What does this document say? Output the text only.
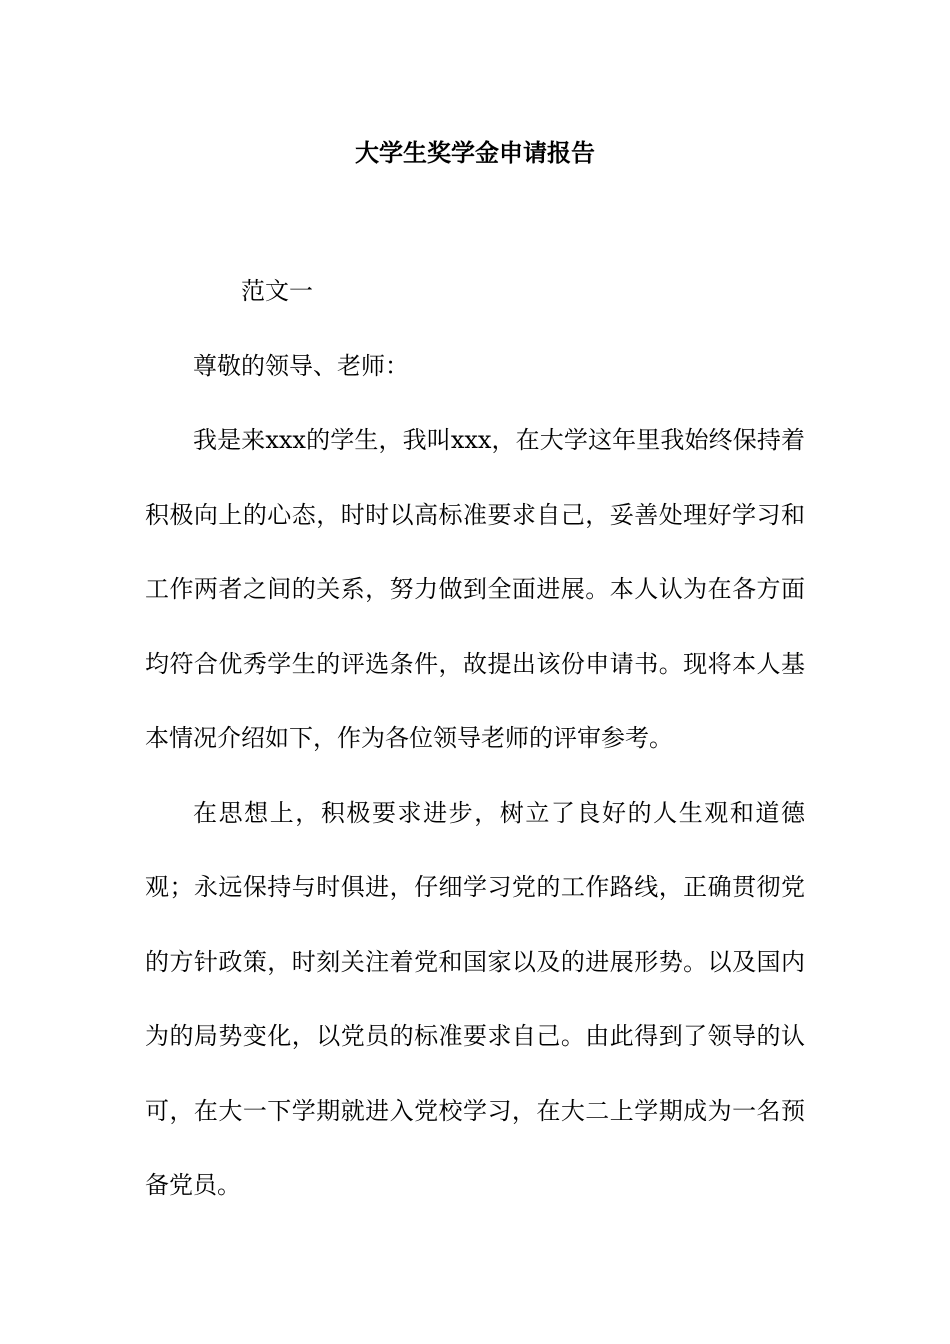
大学生奖学金申请报告

范文一

尊敬的领导、老师：

我是来xxx的学生，我叫xxx，在大学这年里我始终保持着积极向上的心态，时时以高标准要求自己，妥善处理好学习和工作两者之间的关系，努力做到全面进展。本人认为在各方面均符合优秀学生的评选条件，故提出该份申请书。现将本人基本情况介绍如下，作为各位领导老师的评审参考。

在思想上，积极要求进步，树立了良好的人生观和道德观；永远保持与时俱进，仔细学习党的工作路线，正确贯彻党的方针政策，时刻关注着党和国家以及的进展形势。以及国内为的局势变化，以党员的标准要求自己。由此得到了领导的认可，在大一下学期就进入党校学习，在大二上学期成为一名预备党员。
